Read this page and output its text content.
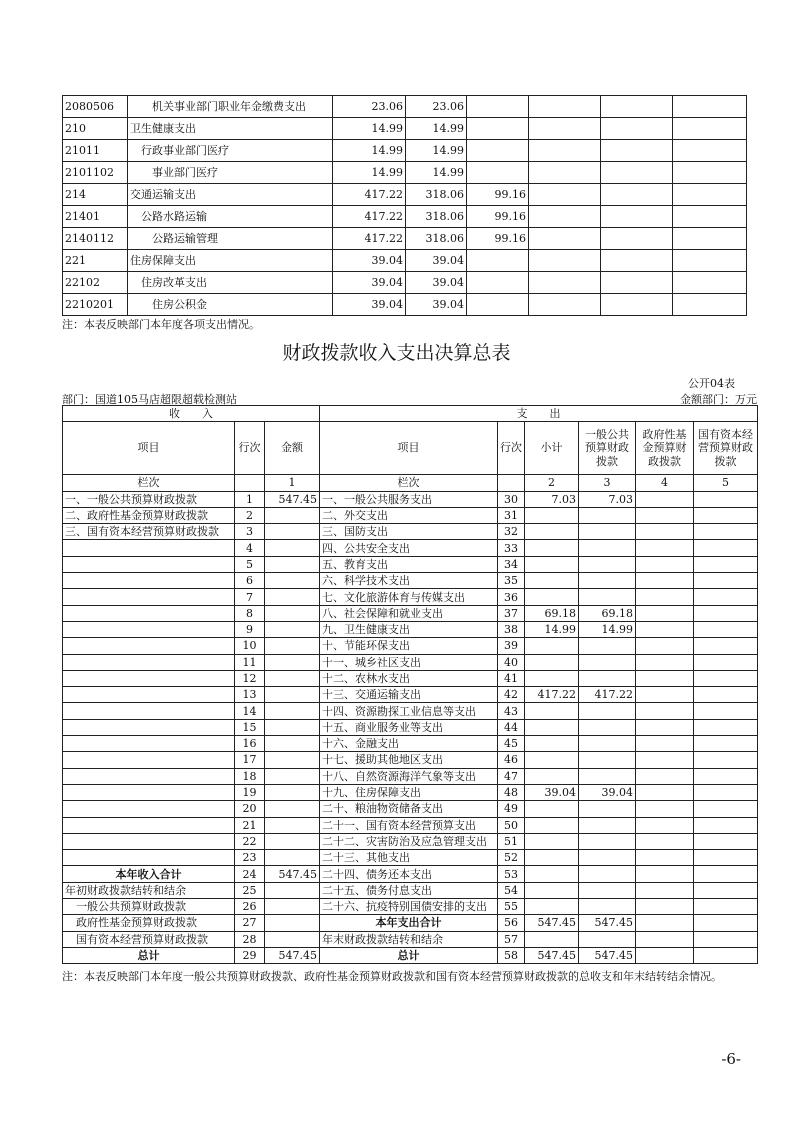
2080506	　　机关事业部门职业年金缴费支出	23.06	23.06				
210	卫生健康支出	14.99	14.99				
21011	　行政事业部门医疗	14.99	14.99				
2101102	　　事业部门医疗	14.99	14.99				
214	交通运输支出	417.22	318.06	99.16			
21401	　公路水路运输	417.22	318.06	99.16			
2140112	　　公路运输管理	417.22	318.06	99.16			
221	住房保障支出	39.04	39.04				
22102	　住房改革支出	39.04	39.04				
2210201	　　住房公积金	39.04	39.04				
注：本表反映部门本年度各项支出情况。
财政拨款收入支出决算总表
公开04表
部门：国道105马店超限超载检测站	金额部门：万元
收　　入			支　　出					
项目	行次	金额	项目	行次	小计	一般公共预算财政拨款	政府性基金预算财政拨款	国有资本经营预算财政拨款
栏次		1	栏次		2	3	4	5
一、一般公共预算财政拨款	1	547.45	一、一般公共服务支出	30	7.03	7.03		
二、政府性基金预算财政拨款	2		二、外交支出	31				
三、国有资本经营预算财政拨款	3		三、国防支出	32				
	4		四、公共安全支出	33				
	5		五、教育支出	34				
	6		六、科学技术支出	35				
	7		七、文化旅游体育与传媒支出	36				
	8		八、社会保障和就业支出	37	69.18	69.18		
	9		九、卫生健康支出	38	14.99	14.99		
	10		十、节能环保支出	39				
	11		十一、城乡社区支出	40				
	12		十二、农林水支出	41				
	13		十三、交通运输支出	42	417.22	417.22		
	14		十四、资源勘探工业信息等支出	43				
	15		十五、商业服务业等支出	44				
	16		十六、金融支出	45				
	17		十七、援助其他地区支出	46				
	18		十八、自然资源海洋气象等支出	47				
	19		十九、住房保障支出	48	39.04	39.04		
	20		二十、粮油物资储备支出	49				
	21		二十一、国有资本经营预算支出	50				
	22		二十二、灾害防治及应急管理支出	51				
	23		二十三、其他支出	52				
本年收入合计	24	547.45	二十四、债务还本支出	53				
年初财政拨款结转和结余	25		二十五、债务付息支出	54				
　一般公共预算财政拨款	26		二十六、抗疫特别国债安排的支出	55				
　政府性基金预算财政拨款	27		本年支出合计	56	547.45	547.45		
　国有资本经营预算财政拨款	28		年末财政拨款结转和结余	57				
总计	29	547.45	总计	58	547.45	547.45		
注：本表反映部门本年度一般公共预算财政拨款、政府性基金预算财政拨款和国有资本经营预算财政拨款的总收支和年末结转结余情况。
-6-
